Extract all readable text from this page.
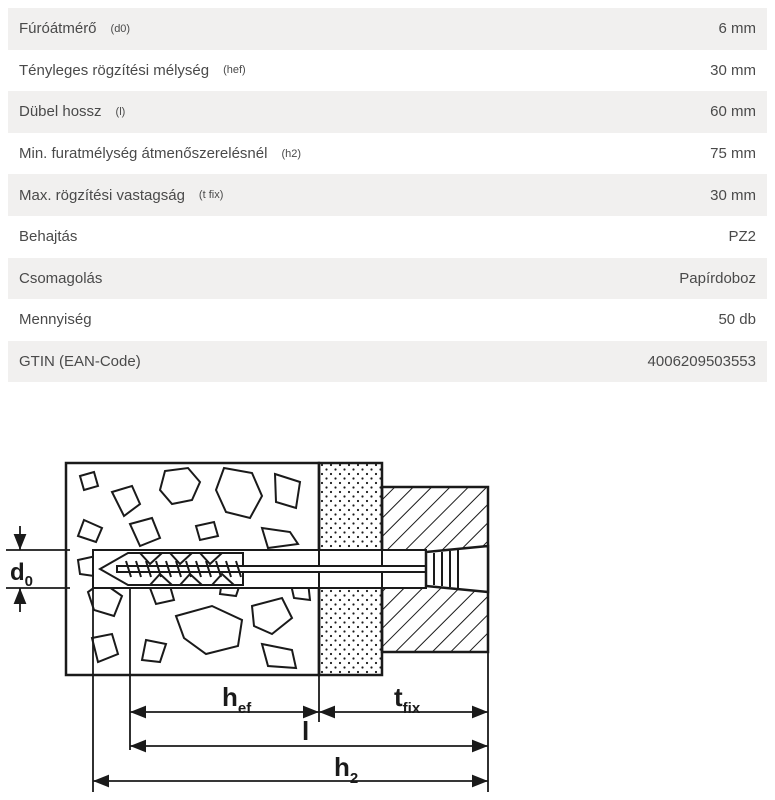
Fúróátmérő (d0)	6 mm
Tényleges rögzítési mélység (hef)	30 mm
Dübel hossz (l)	60 mm
Min. furatmélység átmenőszerelésnél (h2)	75 mm
Max. rögzítési vastagság (t fix)	30 mm
Behajtás	PZ2
Csomagolás	Papírdoboz
Mennyiség	50 db
GTIN (EAN-Code)	4006209503553
$d_0$
$h_{ef}$	$t_{fix}$
l
$h_2$
